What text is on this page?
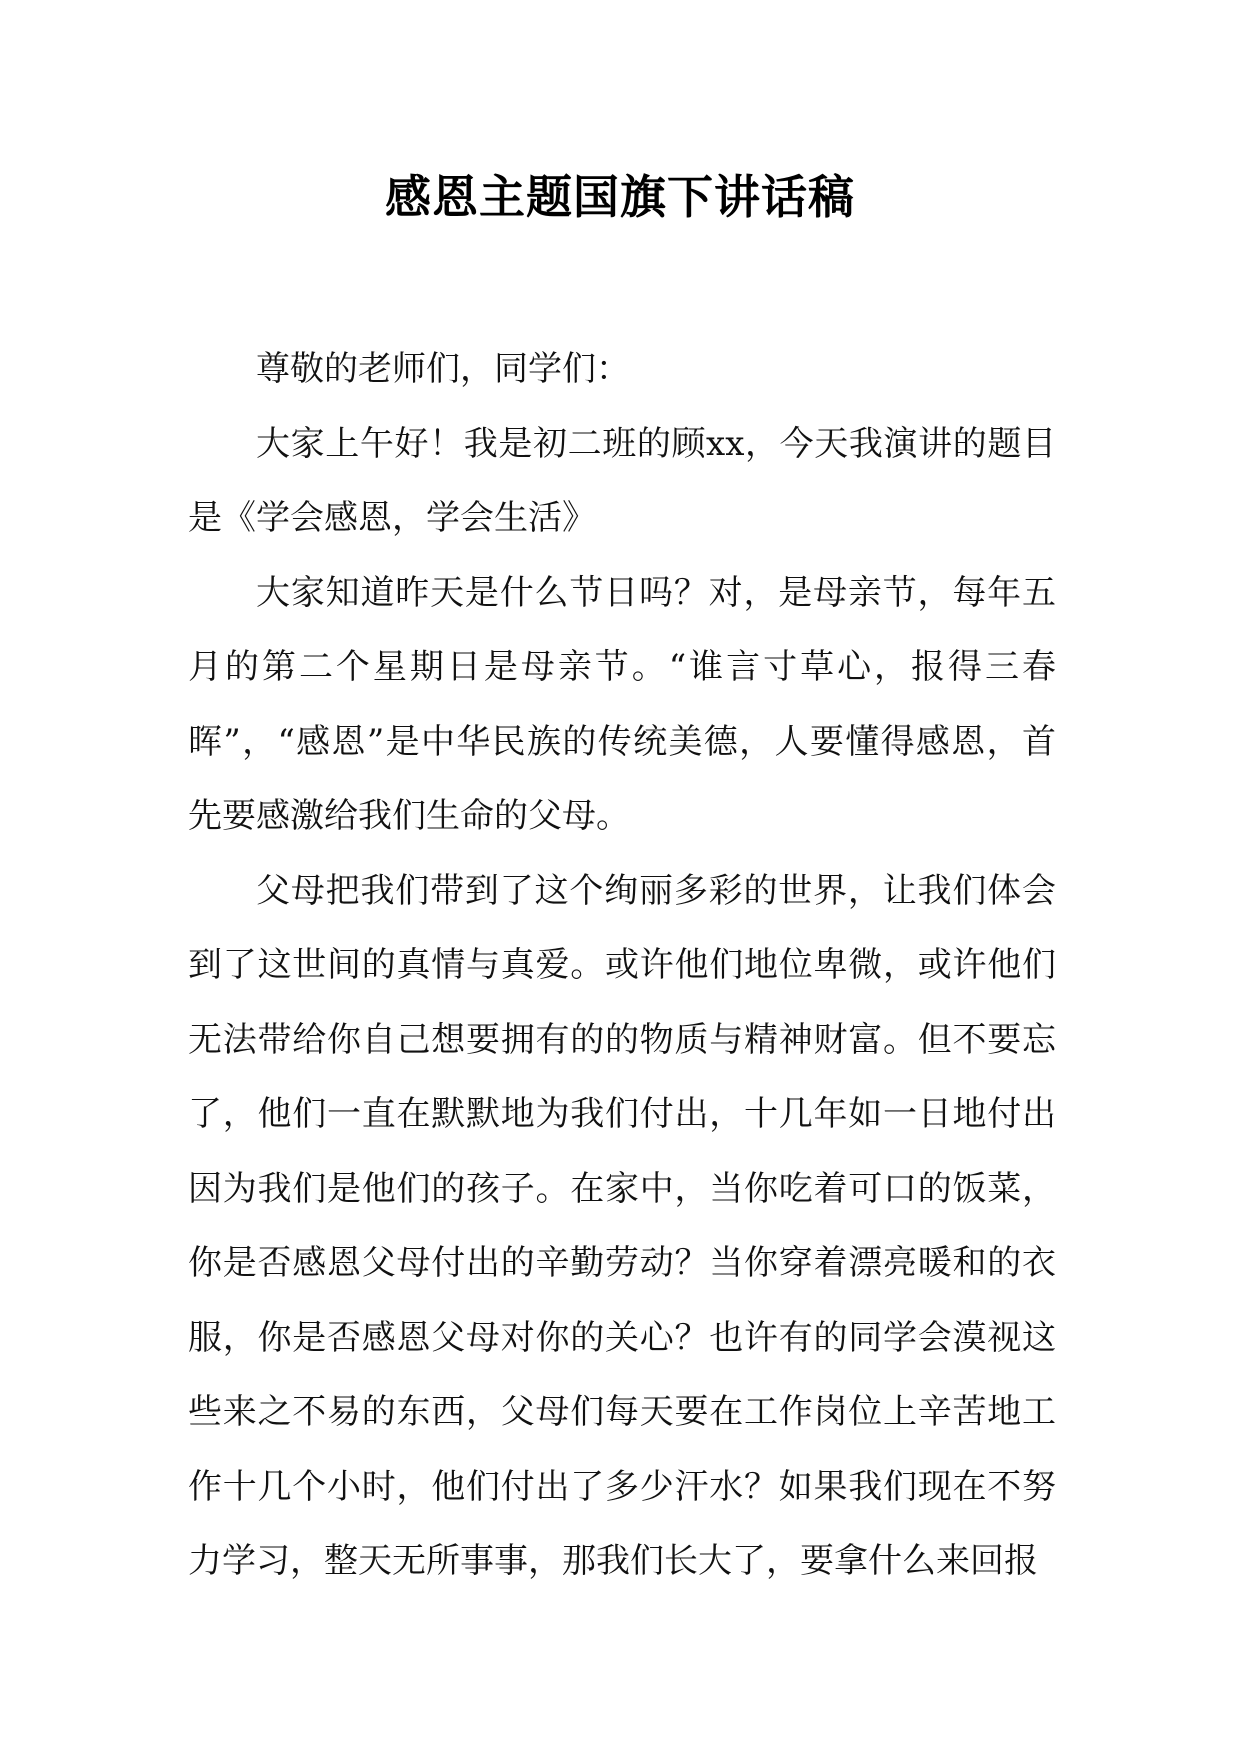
感恩主题国旗下讲话稿

尊敬的老师们，同学们：

大家上午好！我是初二班的顾xx，今天我演讲的题目是《学会感恩，学会生活》

大家知道昨天是什么节日吗？对，是母亲节，每年五月的第二个星期日是母亲节。“谁言寸草心，报得三春晖”，“感恩”是中华民族的传统美德，人要懂得感恩，首先要感激给我们生命的父母。

父母把我们带到了这个绚丽多彩的世界，让我们体会到了这世间的真情与真爱。或许他们地位卑微，或许他们无法带给你自己想要拥有的的物质与精神财富。但不要忘了，他们一直在默默地为我们付出，十几年如一日地付出因为我们是他们的孩子。在家中，当你吃着可口的饭菜，你是否感恩父母付出的辛勤劳动？当你穿着漂亮暖和的衣服，你是否感恩父母对你的关心？也许有的同学会漠视这些来之不易的东西，父母们每天要在工作岗位上辛苦地工作十几个小时，他们付出了多少汗水？如果我们现在不努力学习，整天无所事事，那我们长大了，要拿什么来回报
